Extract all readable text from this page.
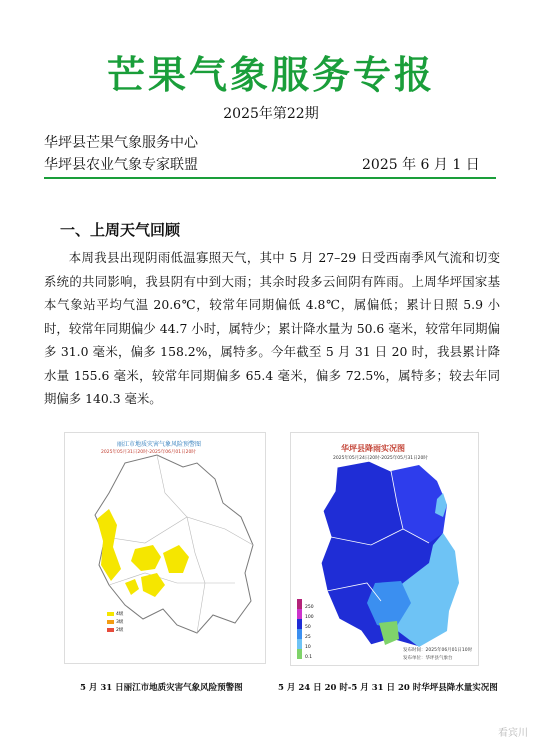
芒果气象服务专报
2025年第22期
华坪县芒果气象服务中心
华坪县农业气象专家联盟	2025 年 6 月 1 日
一、上周天气回顾
本周我县出现阴雨低温寡照天气，其中 5 月 27–29 日受西南季风气流和切变系统的共同影响，我县阴有中到大雨；其余时段多云间阴有阵雨。上周华坪国家基本气象站平均气温 20.6℃，较常年同期偏低 4.8℃，属偏低；累计日照 5.9 小时，较常年同期偏少 44.7 小时，属特少；累计降水量为 50.6 毫米，较常年同期偏多 31.0 毫米，偏多 158.2%，属特多。今年截至 5 月 31 日 20 时，我县累计降水量 155.6 毫米，较常年同期偏多 65.4 毫米，偏多 72.5%，属特多；较去年同期偏多 140.3 毫米。
丽江市地质灾害气象风险预警图
2025年05月31日20时-2025年06月01日20时
4级
3级
2级
华坪县降雨实况图
2025年05月24日20时-2025年05月31日20时
250
100
50
25
10
0.1
发布时间：2025年06月01日10时
发布单位：华坪县气象台
5 月 31 日丽江市地质灾害气象风险预警图	5 月 24 日 20 时-5 月 31 日 20 时华坪县降水量实况图
看宾川
